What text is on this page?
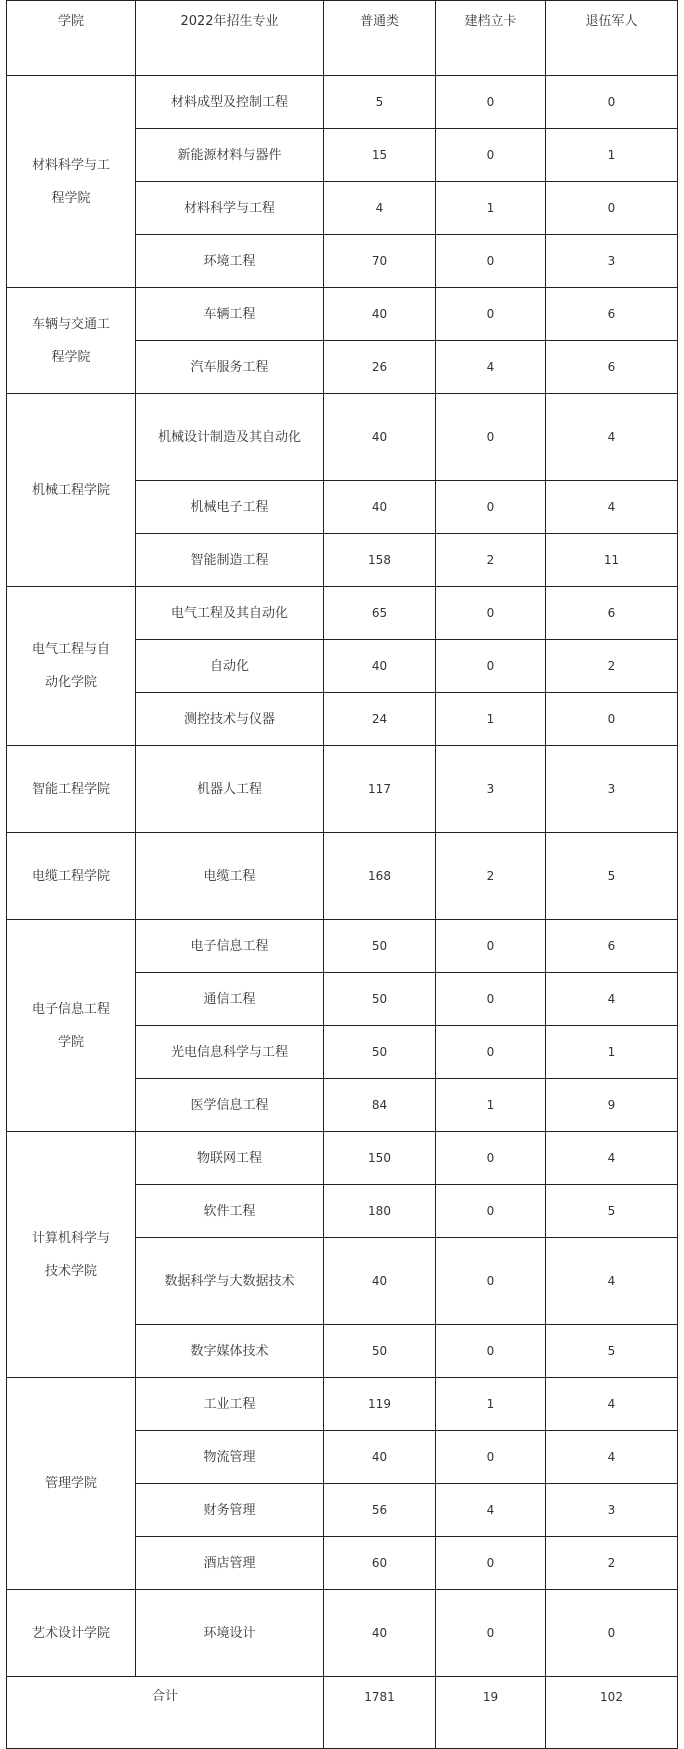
学院	2022年招生专业	普通类	建档立卡	退伍军人
材料科学与工程学院	材料成型及控制工程	5	0	0
	新能源材料与器件	15	0	1
	材料科学与工程	4	1	0
	环境工程	70	0	3
车辆与交通工程学院	车辆工程	40	0	6
	汽车服务工程	26	4	6
机械工程学院	机械设计制造及其自动化	40	0	4
	机械电子工程	40	0	4
	智能制造工程	158	2	11
电气工程与自动化学院	电气工程及其自动化	65	0	6
	自动化	40	0	2
	测控技术与仪器	24	1	0
智能工程学院	机器人工程	117	3	3
电缆工程学院	电缆工程	168	2	5
电子信息工程学院	电子信息工程	50	0	6
	通信工程	50	0	4
	光电信息科学与工程	50	0	1
	医学信息工程	84	1	9
计算机科学与技术学院	物联网工程	150	0	4
	软件工程	180	0	5
	数据科学与大数据技术	40	0	4
	数字媒体技术	50	0	5
管理学院	工业工程	119	1	4
	物流管理	40	0	4
	财务管理	56	4	3
	酒店管理	60	0	2
艺术设计学院	环境设计	40	0	0
合计		1781	19	102
